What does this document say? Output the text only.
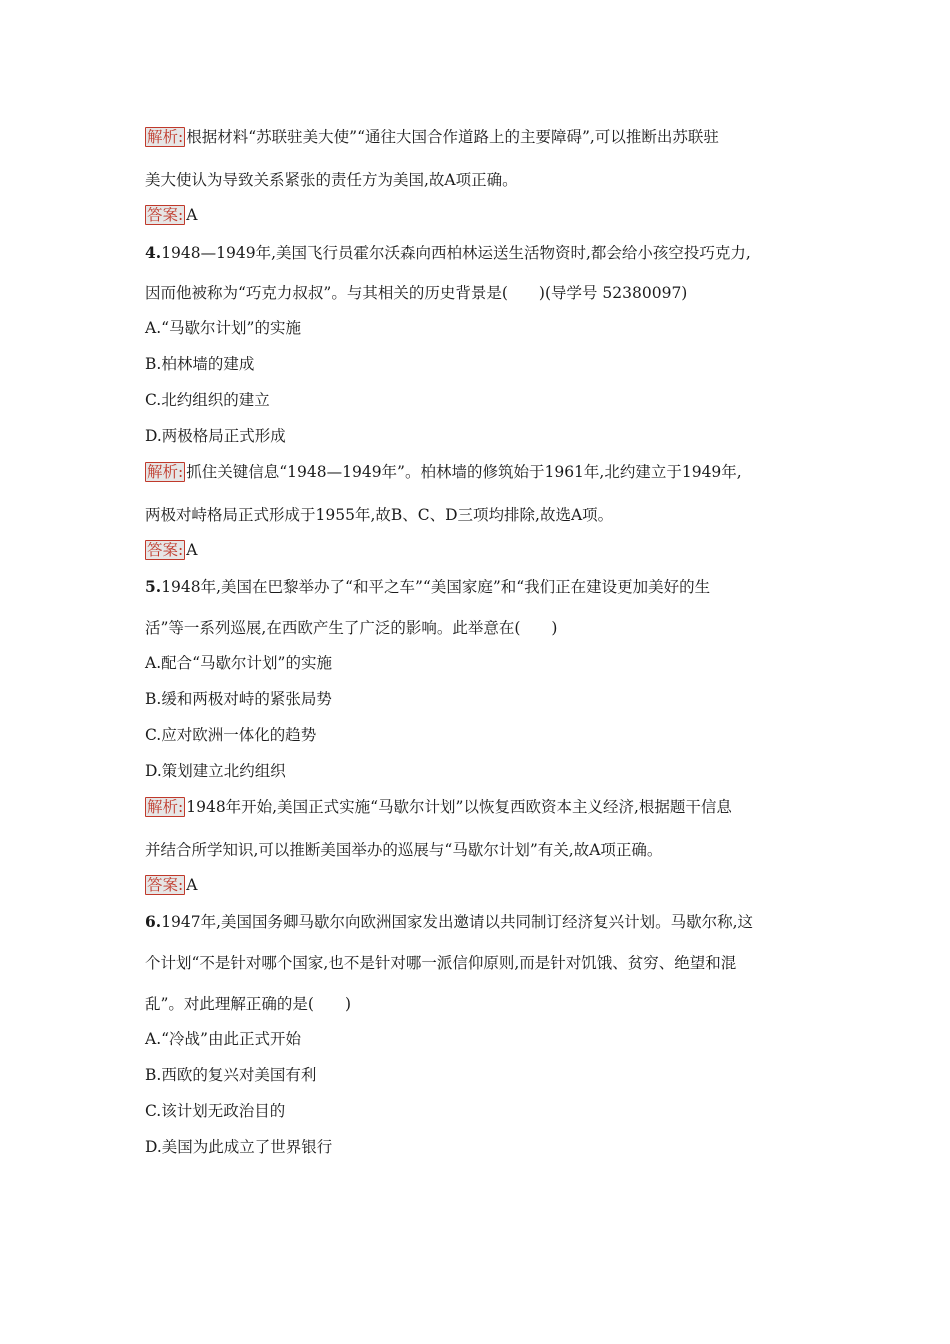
解析: 根据材料“苏联驻美大使”“通往大国合作道路上的主要障碍”,可以推断出苏联驻
美大使认为导致关系紧张的责任方为美国,故A项正确。
答案: A
4.1948—1949年,美国飞行员霍尔沃森向西柏林运送生活物资时,都会给小孩空投巧克力,
因而他被称为“巧克力叔叔”。与其相关的历史背景是(　　)(导学号 52380097)
A.“马歇尔计划”的实施
B.柏林墙的建成
C.北约组织的建立
D.两极格局正式形成
解析: 抓住关键信息“1948—1949年”。柏林墙的修筑始于1961年,北约建立于1949年,
两极对峙格局正式形成于1955年,故B、C、D三项均排除,故选A项。
答案: A
5.1948年,美国在巴黎举办了“和平之车”“美国家庭”和“我们正在建设更加美好的生
活”等一系列巡展,在西欧产生了广泛的影响。此举意在(　　)
A.配合“马歇尔计划”的实施
B.缓和两极对峙的紧张局势
C.应对欧洲一体化的趋势
D.策划建立北约组织
解析: 1948年开始,美国正式实施“马歇尔计划”以恢复西欧资本主义经济,根据题干信息
并结合所学知识,可以推断美国举办的巡展与“马歇尔计划”有关,故A项正确。
答案: A
6.1947年,美国国务卿马歇尔向欧洲国家发出邀请以共同制订经济复兴计划。马歇尔称,这
个计划“不是针对哪个国家,也不是针对哪一派信仰原则,而是针对饥饿、贫穷、绝望和混
乱”。对此理解正确的是(　　)
A.“冷战”由此正式开始
B.西欧的复兴对美国有利
C.该计划无政治目的
D.美国为此成立了世界银行
